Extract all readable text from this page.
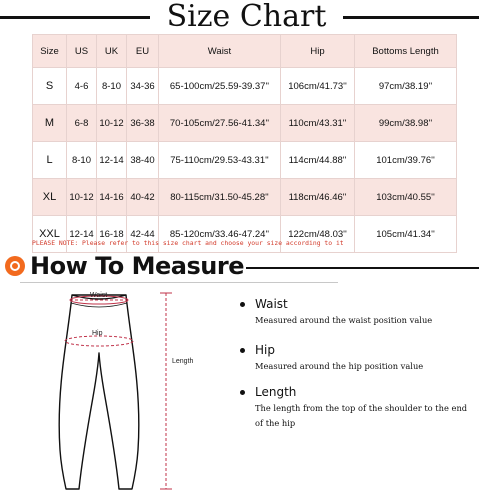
Size Chart
Size	US	UK	EU	Waist	Hip	Bottoms Length
S	4-6	8-10	34-36	65-100cm/25.59-39.37''	106cm/41.73''	97cm/38.19''
M	6-8	10-12	36-38	70-105cm/27.56-41.34''	110cm/43.31''	99cm/38.98''
L	8-10	12-14	38-40	75-110cm/29.53-43.31''	114cm/44.88''	101cm/39.76''
XL	10-12	14-16	40-42	80-115cm/31.50-45.28''	118cm/46.46''	103cm/40.55''
XXL	12-14	16-18	42-44	85-120cm/33.46-47.24''	122cm/48.03''	105cm/41.34''
PLEASE NOTE: Please refer to this size chart and choose your size according to it
How To Measure
Waist
Hip
Length
Waist
Measured around the waist position value
Hip
Measured around the hip position value
Length
The length from the top of the shoulder to the end of the hip
